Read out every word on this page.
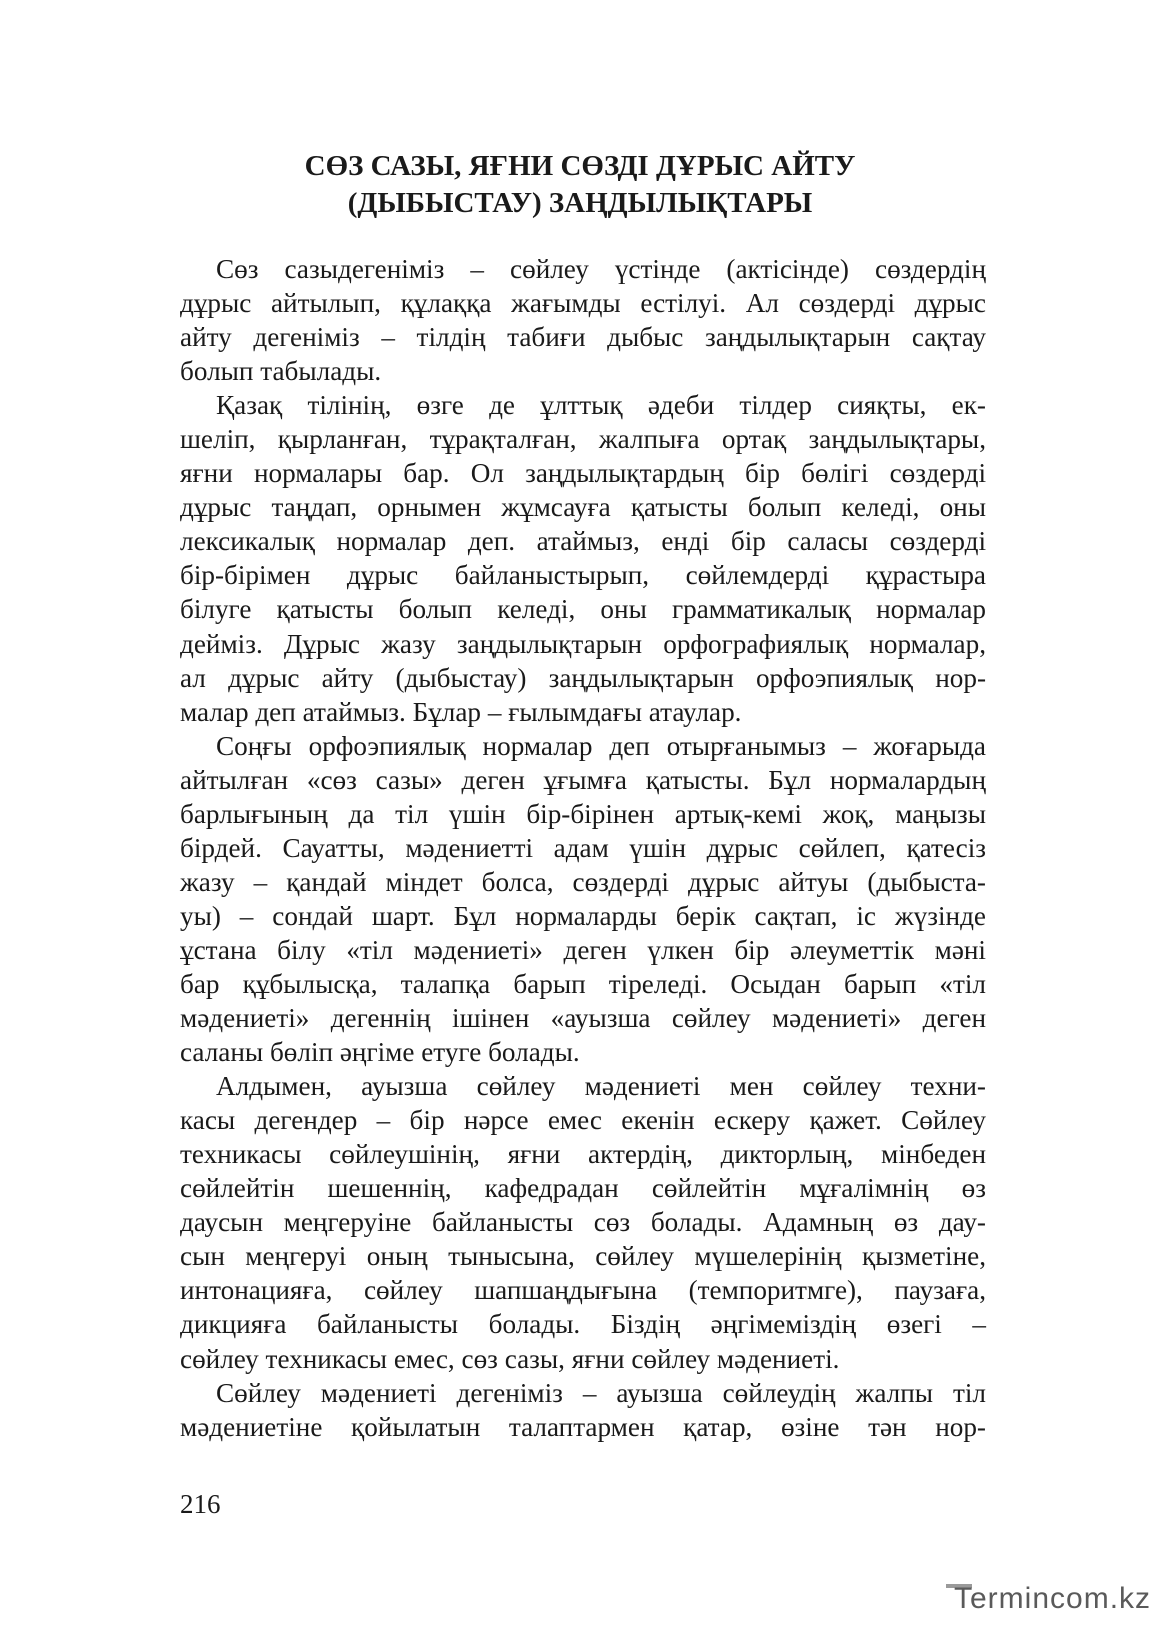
СӨЗ САЗЫ, ЯҒНИ СӨЗДІ ДҰРЫС АЙТУ
(ДЫБЫСТАУ) ЗАҢДЫЛЫҚТАРЫ

Сөз сазыдегеніміз – сөйлеу үстінде (актісінде) сөздердің
дұрыс айтылып, құлаққа жағымды естілуі. Ал сөздерді дұрыс
айту дегеніміз – тілдің табиғи дыбыс заңдылықтарын сақтау
болып табылады.

Қазақ тілінің, өзге де ұлттық әдеби тілдер сияқты, ек-
шеліп, қырланған, тұрақталған, жалпыға ортақ заңдылықтары,
яғни нормалары бар. Ол заңдылықтардың бір бөлігі сөздерді
дұрыс таңдап, орнымен жұмсауға қатысты болып келеді, оны
лексикалық нормалар деп. атаймыз, енді бір саласы сөздерді
бір-бірімен дұрыс байланыстырып, сөйлемдерді құрастыра
білуге қатысты болып келеді, оны грамматикалық нормалар
дейміз. Дұрыс жазу заңдылықтарын орфографиялық нормалар,
ал дұрыс айту (дыбыстау) заңдылықтарын орфоэпиялық нор-
малар деп атаймыз. Бұлар – ғылымдағы атаулар.

Соңғы орфоэпиялық нормалар деп отырғанымыз – жоғарыда
айтылған «сөз сазы» деген ұғымға қатысты. Бұл нормалардың
барлығының да тіл үшін бір-бірінен артық-кемі жоқ, маңызы
бірдей. Сауатты, мәдениетті адам үшін дұрыс сөйлеп, қатесіз
жазу – қандай міндет болса, сөздерді дұрыс айтуы (дыбыста-
уы) – сондай шарт. Бұл нормаларды берік сақтап, іс жүзінде
ұстана білу «тіл мәдениеті» деген үлкен бір әлеуметтік мәні
бар құбылысқа, талапқа барып тіреледі. Осыдан барып «тіл
мәдениеті» дегеннің ішінен «ауызша сөйлеу мәдениеті» деген
саланы бөліп әңгіме етуге болады.

Алдымен, ауызша сөйлеу мәдениеті мен сөйлеу техни-
касы дегендер – бір нәрсе емес екенін ескеру қажет. Сөйлеу
техникасы сөйлеушінің, яғни актердің, дикторлың, мінбеден
сөйлейтін шешеннің, кафедрадан сөйлейтін мұғалімнің өз
даусын меңгеруіне байланысты сөз болады. Адамның өз дау-
сын меңгеруі оның тынысына, сөйлеу мүшелерінің қызметіне,
интонацияға, сөйлеу шапшаңдығына (темпоритмге), паузаға,
дикцияға байланысты болады. Біздің әңгімеміздің өзегі –
сөйлеу техникасы емес, сөз сазы, яғни сөйлеу мәдениеті.

Сөйлеу мәдениеті дегеніміз – ауызша сөйлеудің жалпы тіл
мәдениетіне қойылатын талаптармен қатар, өзіне тән нор-

216
Termincom.kz
